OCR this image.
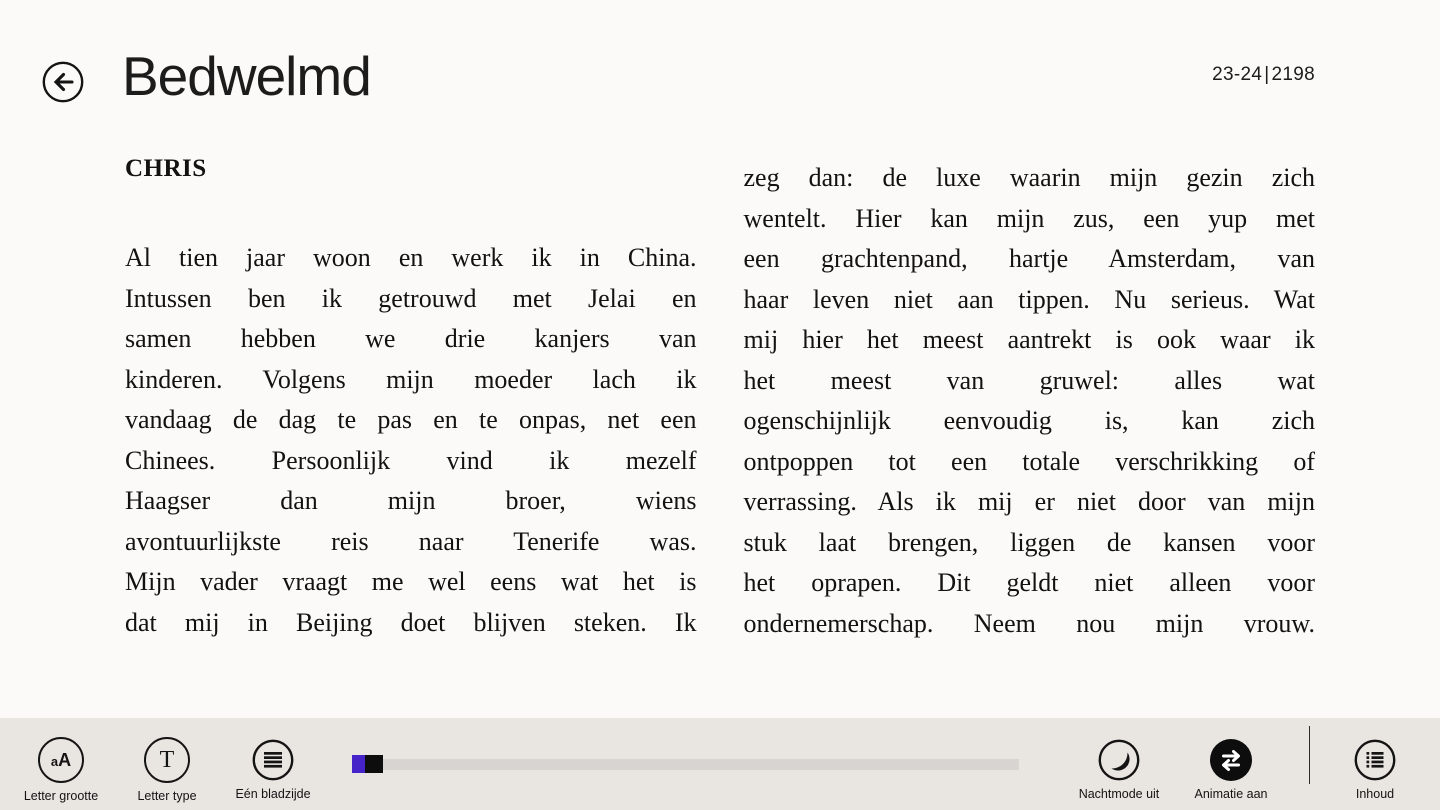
Bedwelmd	23-24 | 2198
CHRIS
Al tien jaar woon en werk ik in China.
Intussen ben ik getrouwd met Jelai en
samen hebben we drie kanjers van
kinderen. Volgens mijn moeder lach ik
vandaag de dag te pas en te onpas, net een
Chinees. Persoonlijk vind ik mezelf
Haagser dan mijn broer, wiens
avontuurlijkste reis naar Tenerife was.
Mijn vader vraagt me wel eens wat het is
dat mij in Beijing doet blijven steken. Ik
zeg dan: de luxe waarin mijn gezin zich
wentelt. Hier kan mijn zus, een yup met
een grachtenpand, hartje Amsterdam, van
haar leven niet aan tippen. Nu serieus. Wat
mij hier het meest aantrekt is ook waar ik
het meest van gruwel: alles wat
ogenschijnlijk eenvoudig is, kan zich
ontpoppen tot een totale verschrikking of
verrassing. Als ik mij er niet door van mijn
stuk laat brengen, liggen de kansen voor
het oprapen. Dit geldt niet alleen voor
ondernemerschap. Neem nou mijn vrouw.
aA
Letter grootte
T
Letter type	Eén bladzijde	Nachtmode uit	Animatie aan	Inhoud
